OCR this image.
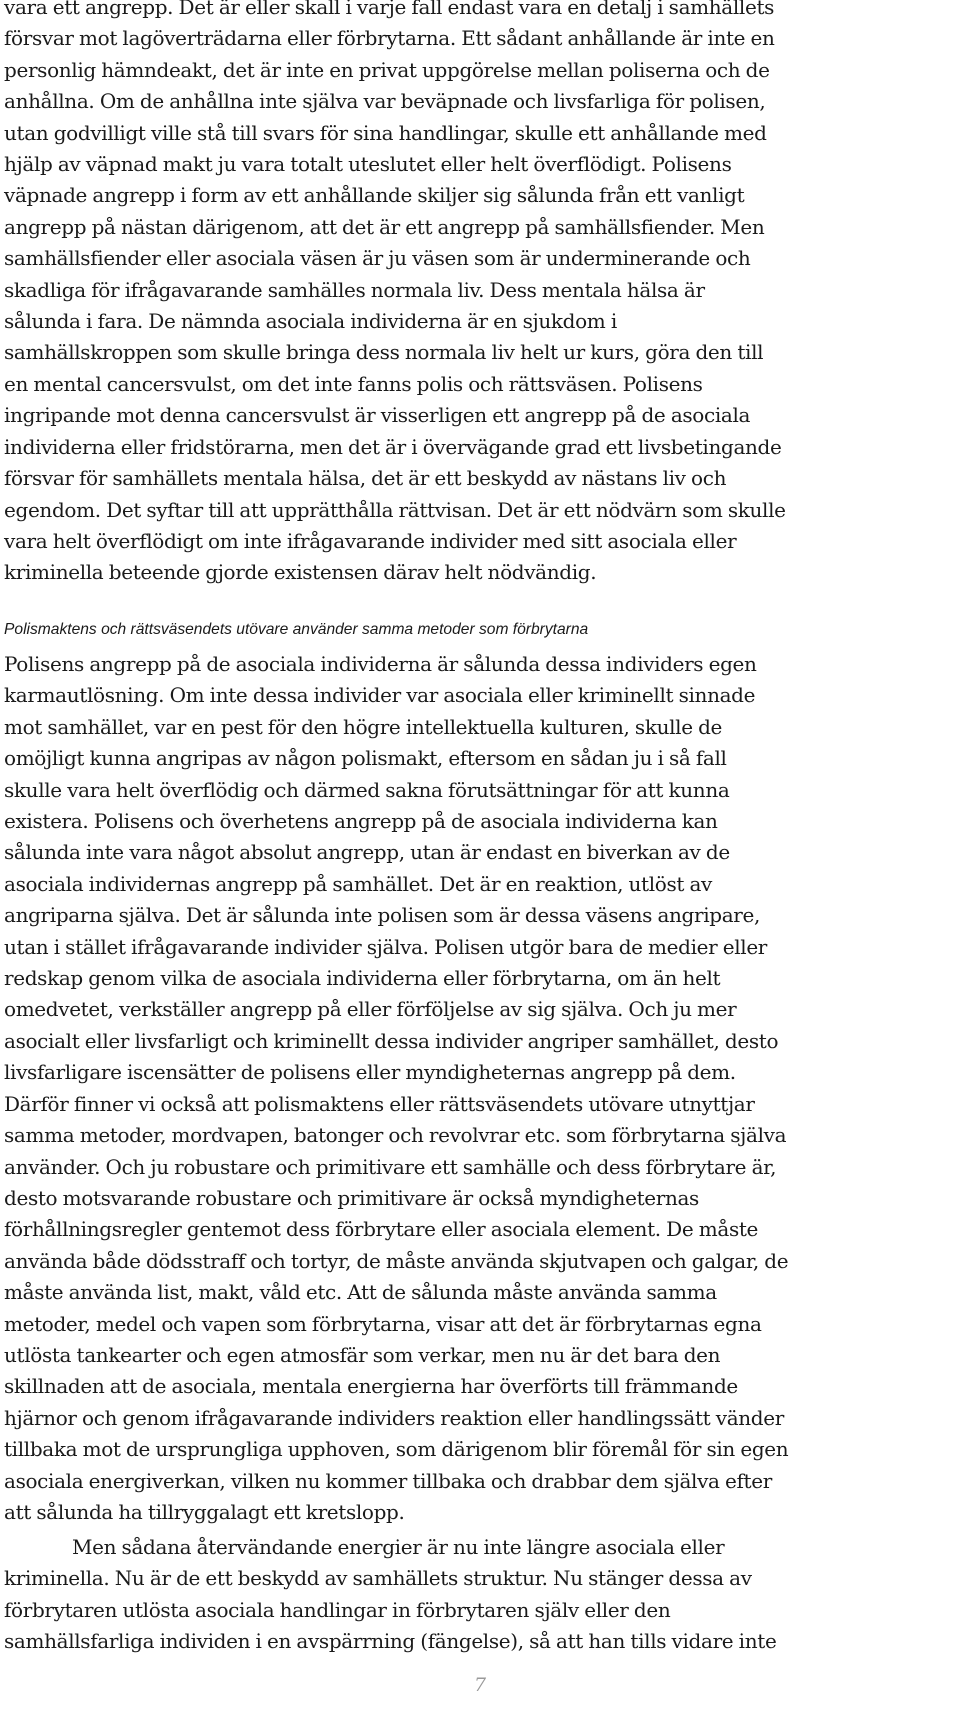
vara ett angrepp. Det är eller skall i varje fall endast vara en detalj i samhällets
försvar mot lagöverträdarna eller förbrytarna. Ett sådant anhållande är inte en
personlig hämndeakt, det är inte en privat uppgörelse mellan poliserna och de
anhållna. Om de anhållna inte själva var beväpnade och livsfarliga för polisen,
utan godvilligt ville stå till svars för sina handlingar, skulle ett anhållande med
hjälp av väpnad makt ju vara totalt uteslutet eller helt överflödigt. Polisens
väpnade angrepp i form av ett anhållande skiljer sig sålunda från ett vanligt
angrepp på nästan därigenom, att det är ett angrepp på samhällsfiender. Men
samhällsfiender eller asociala väsen är ju väsen som är underminerande och
skadliga för ifrågavarande samhälles normala liv. Dess mentala hälsa är
sålunda i fara. De nämnda asociala individerna är en sjukdom i
samhällskroppen som skulle bringa dess normala liv helt ur kurs, göra den till
en mental cancersvulst, om det inte fanns polis och rättsväsen. Polisens
ingripande mot denna cancersvulst är visserligen ett angrepp på de asociala
individerna eller fridstörarna, men det är i övervägande grad ett livsbetingande
försvar för samhällets mentala hälsa, det är ett beskydd av nästans liv och
egendom. Det syftar till att upprätthålla rättvisan. Det är ett nödvärn som skulle
vara helt överflödigt om inte ifrågavarande individer med sitt asociala eller
kriminella beteende gjorde existensen därav helt nödvändig.
Polismaktens och rättsväsendets utövare använder samma metoder som förbrytarna
Polisens angrepp på de asociala individerna är sålunda dessa individers egen
karmautlösning. Om inte dessa individer var asociala eller kriminellt sinnade
mot samhället, var en pest för den högre intellektuella kulturen, skulle de
omöjligt kunna angripas av någon polismakt, eftersom en sådan ju i så fall
skulle vara helt överflödig och därmed sakna förutsättningar för att kunna
existera. Polisens och överhetens angrepp på de asociala individerna kan
sålunda inte vara något absolut angrepp, utan är endast en biverkan av de
asociala individernas angrepp på samhället. Det är en reaktion, utlöst av
angriparna själva. Det är sålunda inte polisen som är dessa väsens angripare,
utan i stället ifrågavarande individer själva. Polisen utgör bara de medier eller
redskap genom vilka de asociala individerna eller förbrytarna, om än helt
omedvetet, verkställer angrepp på eller förföljelse av sig själva. Och ju mer
asocialt eller livsfarligt och kriminellt dessa individer angriper samhället, desto
livsfarligare iscensätter de polisens eller myndigheternas angrepp på dem.
Därför finner vi också att polismaktens eller rättsväsendets utövare utnyttjar
samma metoder, mordvapen, batonger och revolvrar etc. som förbrytarna själva
använder. Och ju robustare och primitivare ett samhälle och dess förbrytare är,
desto motsvarande robustare och primitivare är också myndigheternas
förhållningsregler gentemot dess förbrytare eller asociala element. De måste
använda både dödsstraff och tortyr, de måste använda skjutvapen och galgar, de
måste använda list, makt, våld etc. Att de sålunda måste använda samma
metoder, medel och vapen som förbrytarna, visar att det är förbrytarnas egna
utlösta tankearter och egen atmosfär som verkar, men nu är det bara den
skillnaden att de asociala, mentala energierna har överförts till främmande
hjärnor och genom ifrågavarande individers reaktion eller handlingssätt vänder
tillbaka mot de ursprungliga upphoven, som därigenom blir föremål för sin egen
asociala energiverkan, vilken nu kommer tillbaka och drabbar dem själva efter
att sålunda ha tillryggalagt ett kretslopp.
Men sådana återvändande energier är nu inte längre asociala eller
kriminella. Nu är de ett beskydd av samhällets struktur. Nu stänger dessa av
förbrytaren utlösta asociala handlingar in förbrytaren själv eller den
samhällsfarliga individen i en avspärrning (fängelse), så att han tills vidare inte
7
